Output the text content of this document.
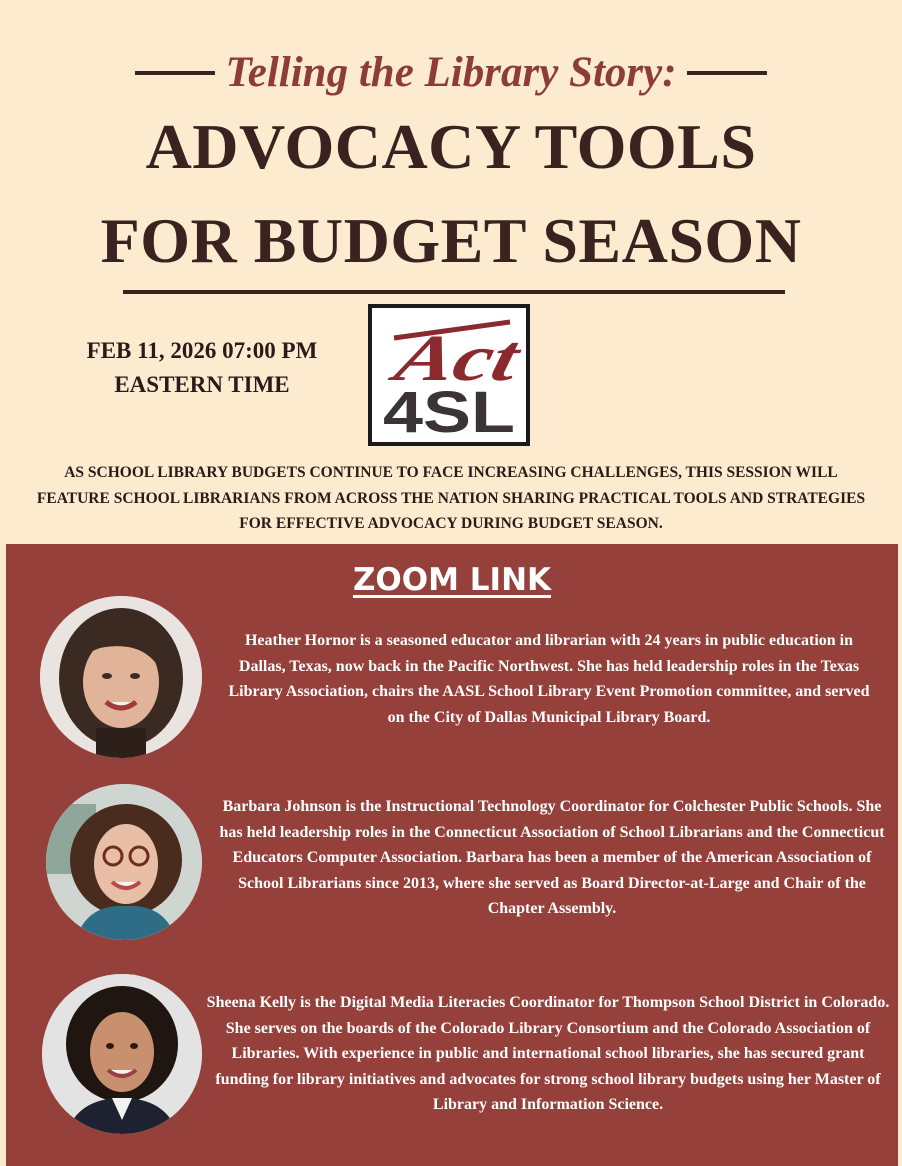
Telling the Library Story:
ADVOCACY TOOLS
FOR BUDGET SEASON
FEB 11, 2026 07:00 PM
EASTERN TIME	Act
4SL
AS SCHOOL LIBRARY BUDGETS CONTINUE TO FACE INCREASING CHALLENGES, THIS SESSION WILL FEATURE SCHOOL LIBRARIANS FROM ACROSS THE NATION SHARING PRACTICAL TOOLS AND STRATEGIES FOR EFFECTIVE ADVOCACY DURING BUDGET SEASON.
ZOOM LINK
Heather Hornor is a seasoned educator and librarian with 24 years in public education in Dallas, Texas, now back in the Pacific Northwest. She has held leadership roles in the Texas Library Association, chairs the AASL School Library Event Promotion committee, and served on the City of Dallas Municipal Library Board.
Barbara Johnson is the Instructional Technology Coordinator for Colchester Public Schools. She has held leadership roles in the Connecticut Association of School Librarians and the Connecticut Educators Computer Association. Barbara has been a member of the American Association of School Librarians since 2013, where she served as Board Director-at-Large and Chair of the Chapter Assembly.
Sheena Kelly is the Digital Media Literacies Coordinator for Thompson School District in Colorado. She serves on the boards of the Colorado Library Consortium and the Colorado Association of Libraries. With experience in public and international school libraries, she has secured grant funding for library initiatives and advocates for strong school library budgets using her Master of Library and Information Science.
